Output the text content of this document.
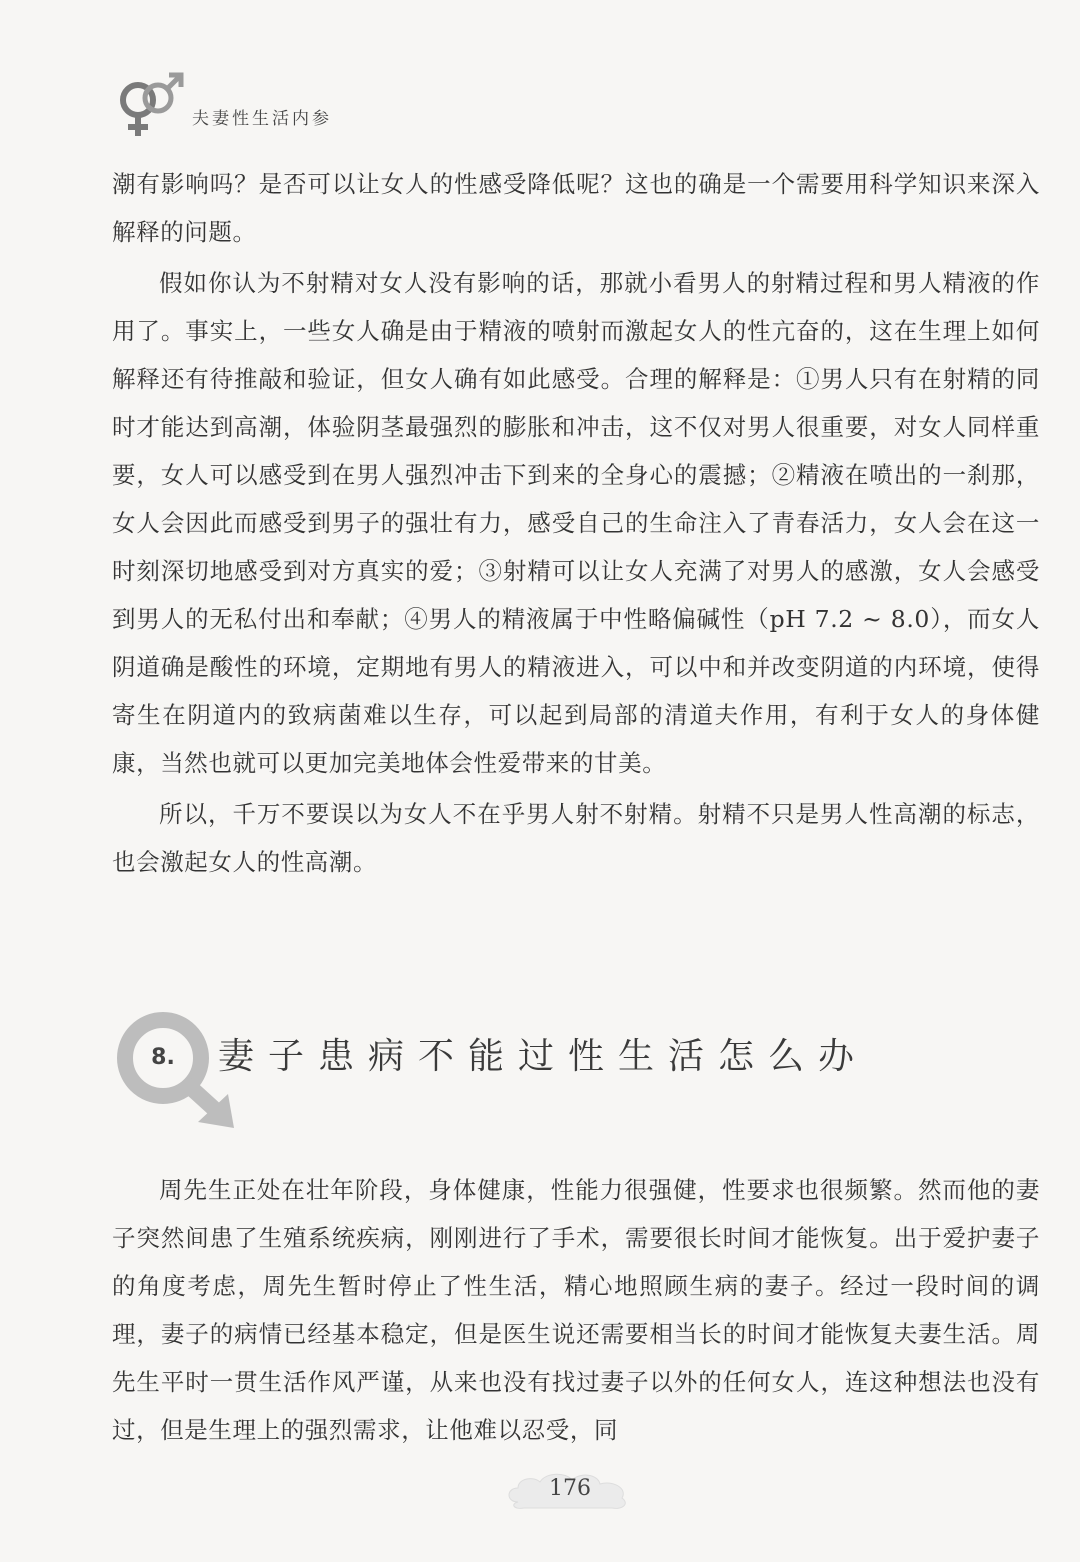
夫妻性生活内参

潮有影响吗？是否可以让女人的性感受降低呢？这也的确是一个需要用科学知识来深入解释的问题。

假如你认为不射精对女人没有影响的话，那就小看男人的射精过程和男人精液的作用了。事实上，一些女人确是由于精液的喷射而激起女人的性亢奋的，这在生理上如何解释还有待推敲和验证，但女人确有如此感受。合理的解释是：①男人只有在射精的同时才能达到高潮，体验阴茎最强烈的膨胀和冲击，这不仅对男人很重要，对女人同样重要，女人可以感受到在男人强烈冲击下到来的全身心的震撼；②精液在喷出的一刹那，女人会因此而感受到男子的强壮有力，感受自己的生命注入了青春活力，女人会在这一时刻深切地感受到对方真实的爱；③射精可以让女人充满了对男人的感激，女人会感受到男人的无私付出和奉献；④男人的精液属于中性略偏碱性（pH 7.2 ~ 8.0），而女人阴道确是酸性的环境，定期地有男人的精液进入，可以中和并改变阴道的内环境，使得寄生在阴道内的致病菌难以生存，可以起到局部的清道夫作用，有利于女人的身体健康，当然也就可以更加完美地体会性爱带来的甘美。

所以，千万不要误以为女人不在乎男人射不射精。射精不只是男人性高潮的标志，也会激起女人的性高潮。

8.	妻子患病不能过性生活怎么办

周先生正处在壮年阶段，身体健康，性能力很强健，性要求也很频繁。然而他的妻子突然间患了生殖系统疾病，刚刚进行了手术，需要很长时间才能恢复。出于爱护妻子的角度考虑，周先生暂时停止了性生活，精心地照顾生病的妻子。经过一段时间的调理，妻子的病情已经基本稳定，但是医生说还需要相当长的时间才能恢复夫妻生活。周先生平时一贯生活作风严谨，从来也没有找过妻子以外的任何女人，连这种想法也没有过，但是生理上的强烈需求，让他难以忍受，同

176
